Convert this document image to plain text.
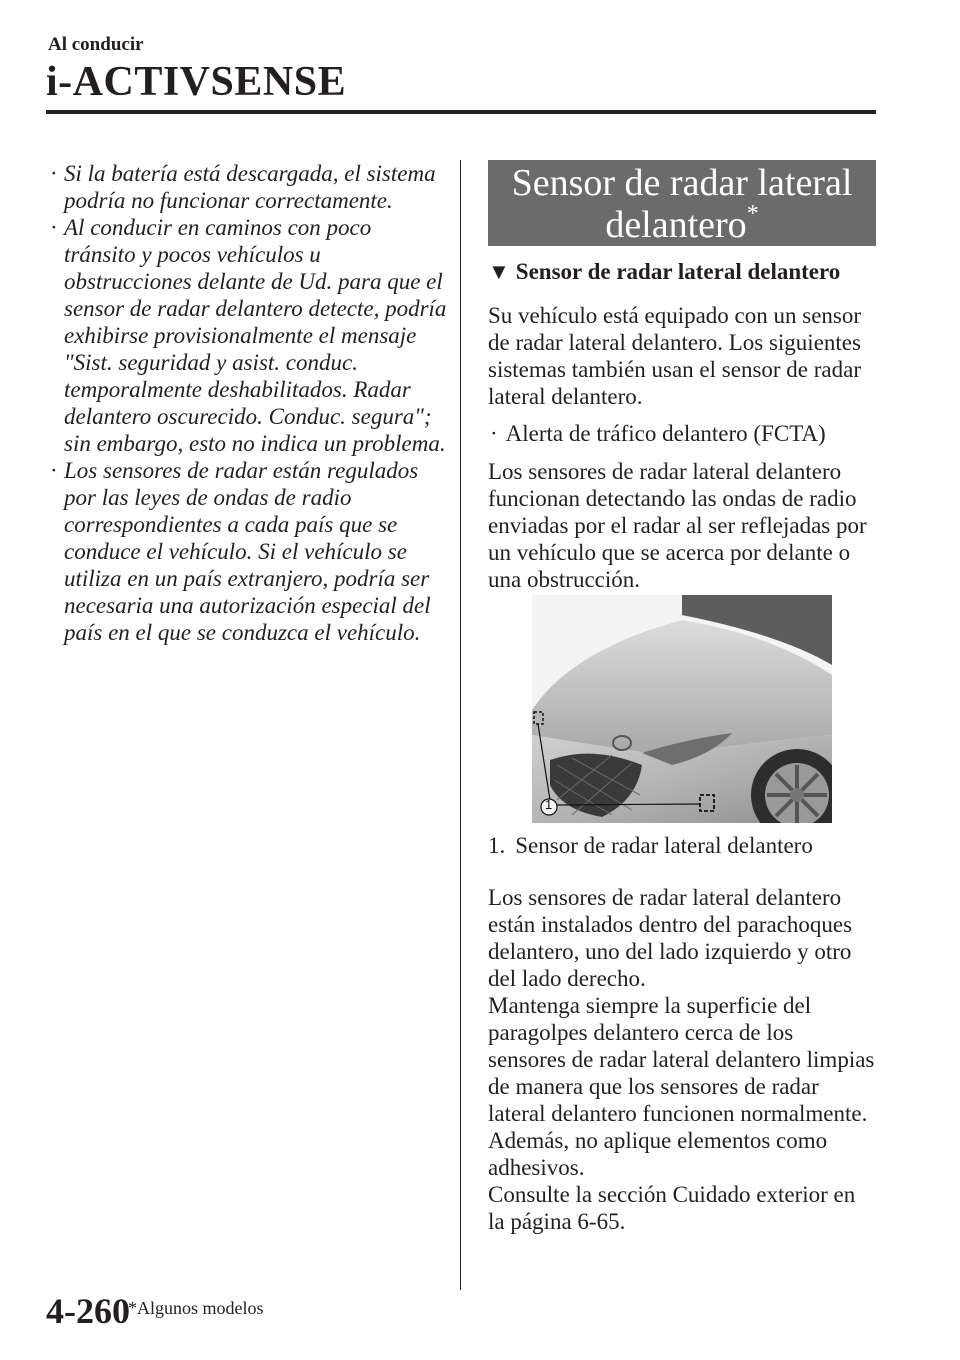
Al conducir
i-ACTIVSENSE

· Si la batería está descargada, el sistema podría no funcionar correctamente.

· Al conducir en caminos con poco tránsito y pocos vehículos u obstrucciones delante de Ud. para que el sensor de radar delantero detecte, podría exhibirse provisionalmente el mensaje "Sist. seguridad y asist. conduc. temporalmente deshabilitados. Radar delantero oscurecido. Conduc. segura"; sin embargo, esto no indica un problema.

· Los sensores de radar están regulados por las leyes de ondas de radio correspondientes a cada país que se conduce el vehículo. Si el vehículo se utiliza en un país extranjero, podría ser necesaria una autorización especial del país en el que se conduzca el vehículo.

Sensor de radar lateral
delantero*

▼ Sensor de radar lateral delantero

Su vehículo está equipado con un sensor de radar lateral delantero. Los siguientes sistemas también usan el sensor de radar lateral delantero.

· Alerta de tráfico delantero (FCTA)

Los sensores de radar lateral delantero funcionan detectando las ondas de radio enviadas por el radar al ser reflejadas por un vehículo que se acerca por delante o una obstrucción.

1
1. Sensor de radar lateral delantero

Los sensores de radar lateral delantero están instalados dentro del parachoques delantero, uno del lado izquierdo y otro del lado derecho.

Mantenga siempre la superficie del paragolpes delantero cerca de los sensores de radar lateral delantero limpias de manera que los sensores de radar lateral delantero funcionen normalmente.

Además, no aplique elementos como adhesivos.

Consulte la sección Cuidado exterior en la página 6-65.

4-260
*Algunos modelos
